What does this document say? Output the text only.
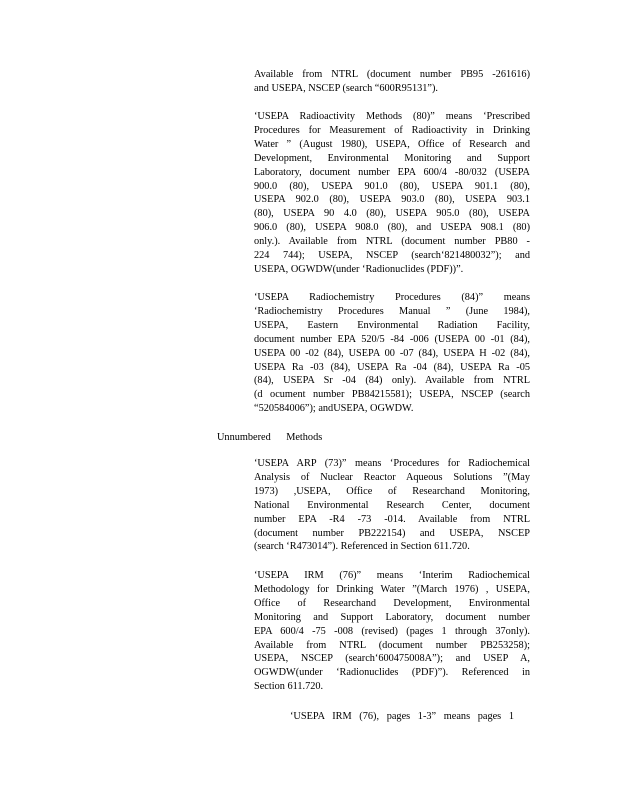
Available from NTRL (document number PB95 -261616)
and USEPA, NSCEP (search “600R95131”).
‘USEPA Radioactivity Methods (80)” means ‘Prescribed
Procedures for Measurement of Radioactivity in Drinking
Water ” (August 1980), USEPA, Office of Research and
Development, Environmental Monitoring and Support
Laboratory, document number EPA 600/4 -80/032 (USEPA
900.0 (80), USEPA 901.0 (80), USEPA 901.1 (80),
USEPA 902.0 (80), USEPA 903.0 (80), USEPA 903.1
(80), USEPA 90 4.0 (80), USEPA 905.0 (80), USEPA
906.0 (80), USEPA 908.0 (80), and USEPA 908.1 (80)
only.). Available from NTRL (document number PB80 -
224 744); USEPA, NSCEP (search‘821480032”); and
USEPA, OGWDW(under ‘Radionuclides (PDF))”.
‘USEPA Radiochemistry Procedures (84)” means
‘Radiochemistry Procedures Manual ” (June 1984),
USEPA, Eastern Environmental Radiation Facility,
document number EPA 520/5 -84 -006 (USEPA 00 -01 (84),
USEPA 00 -02 (84), USEPA 00 -07 (84), USEPA H -02 (84),
USEPA Ra -03 (84), USEPA Ra -04 (84), USEPA Ra -05
(84), USEPA Sr -04 (84) only). Available from NTRL
(d ocument number PB84215581); USEPA, NSCEP (search
“520584006”); andUSEPA, OGWDW.

Unnumbered      Methods

‘USEPA ARP (73)” means ‘Procedures for Radiochemical
Analysis of Nuclear Reactor Aqueous Solutions ”(May
1973) ,USEPA, Office of Researchand Monitoring,
National Environmental Research Center, document
number EPA -R4 -73 -014. Available from NTRL
(document number PB222154) and USEPA, NSCEP
(search ‘R473014”). Referenced in Section 611.720.
‘USEPA IRM (76)” means ‘Interim Radiochemical
Methodology for Drinking Water ”(March 1976) , USEPA,
Office of Researchand Development, Environmental
Monitoring and Support Laboratory, document number
EPA 600/4 -75 -008 (revised) (pages 1 through 37only).
Available from NTRL (document number PB253258);
USEPA, NSCEP (search‘600475008A”); and USEP A,
OGWDW(under ‘Radionuclides (PDF)”). Referenced in
Section 611.720.

‘USEPA IRM (76), pages 1-3” means pages 1
